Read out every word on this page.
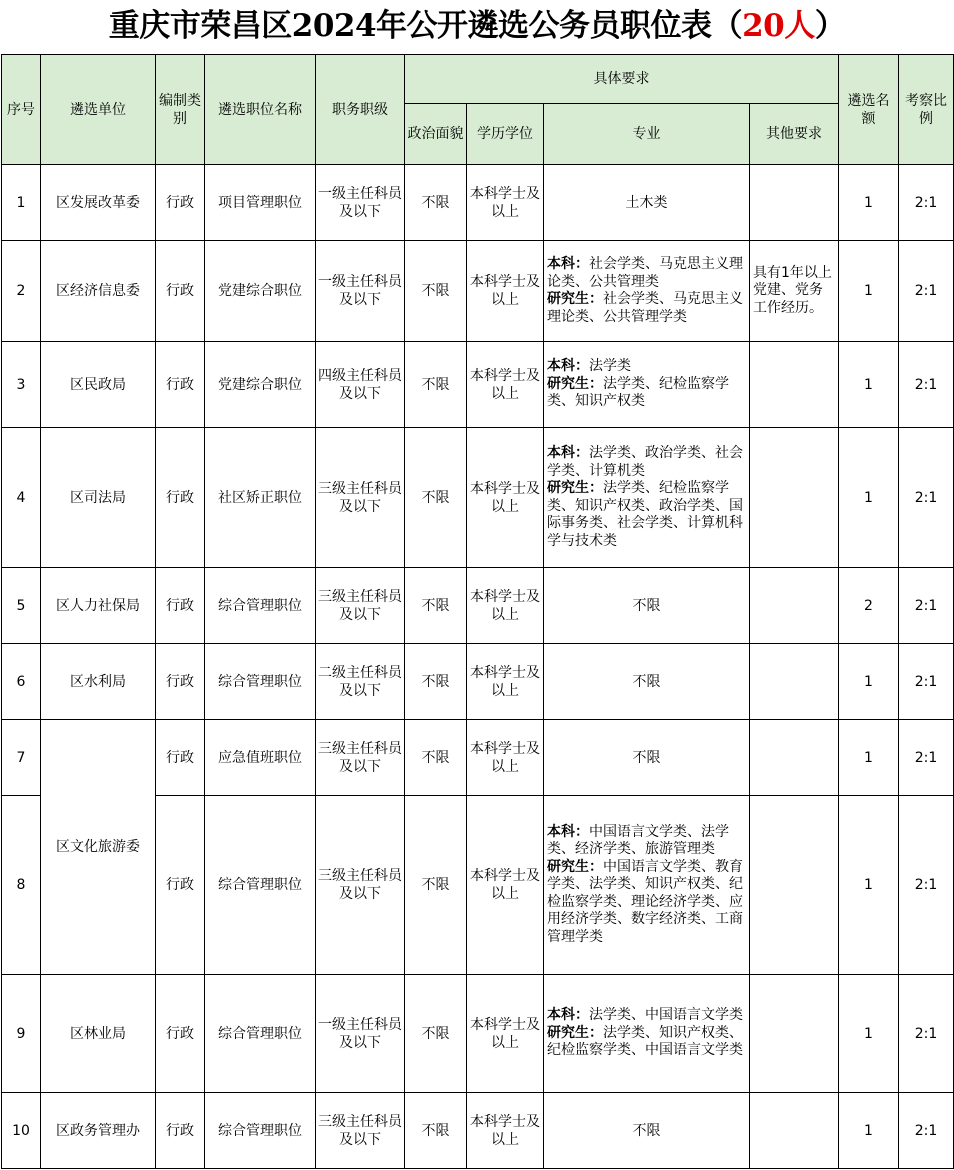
重庆市荣昌区2024年公开遴选公务员职位表（20人）
序号	遴选单位	编制类别	遴选职位名称	职务职级	具体要求				遴选名额	考察比例
					政治面貌	学历学位	专业	其他要求		
1	区发展改革委	行政	项目管理职位	一级主任科员及以下	不限	本科学士及以上	土木类		1	2:1
2	区经济信息委	行政	党建综合职位	一级主任科员及以下	不限	本科学士及以上	本科：社会学类、马克思主义理论类、公共管理类
研究生：社会学类、马克思主义理论类、公共管理学类	具有1年以上党建、党务工作经历。	1	2:1
3	区民政局	行政	党建综合职位	四级主任科员及以下	不限	本科学士及以上	本科：法学类
研究生：法学类、纪检监察学类、知识产权类		1	2:1
4	区司法局	行政	社区矫正职位	三级主任科员及以下	不限	本科学士及以上	本科：法学类、政治学类、社会学类、计算机类
研究生：法学类、纪检监察学类、知识产权类、政治学类、国际事务类、社会学类、计算机科学与技术类		1	2:1
5	区人力社保局	行政	综合管理职位	三级主任科员及以下	不限	本科学士及以上	不限		2	2:1
6	区水利局	行政	综合管理职位	二级主任科员及以下	不限	本科学士及以上	不限		1	2:1
7	区文化旅游委	行政	应急值班职位	三级主任科员及以下	不限	本科学士及以上	不限		1	2:1
8		行政	综合管理职位	三级主任科员及以下	不限	本科学士及以上	本科：中国语言文学类、法学类、经济学类、旅游管理类
研究生：中国语言文学类、教育学类、法学类、知识产权类、纪检监察学类、理论经济学类、应用经济学类、数字经济类、工商管理学类		1	2:1
9	区林业局	行政	综合管理职位	一级主任科员及以下	不限	本科学士及以上	本科：法学类、中国语言文学类
研究生：法学类、知识产权类、纪检监察学类、中国语言文学类		1	2:1
10	区政务管理办	行政	综合管理职位	三级主任科员及以下	不限	本科学士及以上	不限		1	2:1
